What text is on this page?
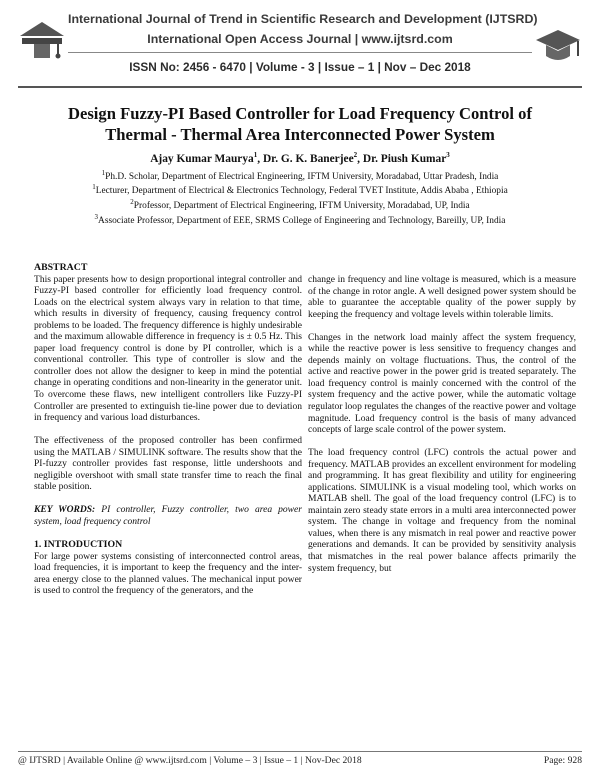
International Journal of Trend in Scientific Research and Development (IJTSRD)
International Open Access Journal | www.ijtsrd.com
ISSN No: 2456 - 6470 | Volume - 3 | Issue – 1 | Nov – Dec 2018
Design Fuzzy-PI Based Controller for Load Frequency Control of
Thermal - Thermal Area Interconnected Power System
Ajay Kumar Maurya$^1$, Dr. G. K. Banerjee$^2$, Dr. Piush Kumar$^3$
$^1$Ph.D. Scholar, Department of Electrical Engineering, IFTM University, Moradabad, Uttar Pradesh, India
$^1$Lecturer, Department of Electrical & Electronics Technology, Federal TVET Institute, Addis Ababa , Ethiopia
$^2$Professor, Department of Electrical Engineering, IFTM University, Moradabad, UP, India
$^3$Associate Professor, Department of EEE, SRMS College of Engineering and Technology, Bareilly, UP, India

ABSTRACT

This paper presents how to design proportional integral controller and Fuzzy-PI based controller for efficiently load frequency control. Loads on the electrical system always vary in relation to that time, which results in diversity of frequency, causing frequency control problems to be loaded. The frequency difference is highly undesirable and the maximum allowable difference in frequency is ± 0.5 Hz. This paper load frequency control is done by PI controller, which is a conventional controller. This type of controller is slow and the controller does not allow the designer to keep in mind the potential change in operating conditions and non-linearity in the generator unit. To overcome these flaws, new intelligent controllers like Fuzzy-PI Controller are presented to extinguish tie-line power due to deviation in frequency and various load disturbances.

The effectiveness of the proposed controller has been confirmed using the MATLAB / SIMULINK software. The results show that the PI-fuzzy controller provides fast response, little undershoots and negligible overshoot with small state transfer time to reach the final stable position.

KEY WORDS: PI controller, Fuzzy controller, two area power system, load frequency control

1. INTRODUCTION

For large power systems consisting of interconnected control areas, load frequencies, it is important to keep the frequency and the inter-area energy close to the planned values. The mechanical input power is used to control the frequency of the generators, and the

change in frequency and line voltage is measured, which is a measure of the change in rotor angle. A well designed power system should be able to guarantee the acceptable quality of the power supply by keeping the frequency and voltage levels within tolerable limits.

Changes in the network load mainly affect the system frequency, while the reactive power is less sensitive to frequency changes and depends mainly on voltage fluctuations. Thus, the control of the active and reactive power in the power grid is treated separately. The load frequency control is mainly concerned with the control of the system frequency and the active power, while the automatic voltage regulator loop regulates the changes of the reactive power and voltage magnitude. Load frequency control is the basis of many advanced concepts of large scale control of the power system.

The load frequency control (LFC) controls the actual power and frequency. MATLAB provides an excellent environment for modeling and programming. It has great flexibility and utility for engineering applications. SIMULINK is a visual modeling tool, which works on MATLAB shell. The goal of the load frequency control (LFC) is to maintain zero steady state errors in a multi area interconnected power system. The change in voltage and frequency from the nominal values, when there is any mismatch in real power and reactive power generations and demands. It can be provided by sensitivity analysis that mismatches in the real power balance affects primarily the system frequency, but

@ IJTSRD | Available Online @ www.ijtsrd.com | Volume – 3 | Issue – 1 | Nov-Dec 2018	Page: 928
